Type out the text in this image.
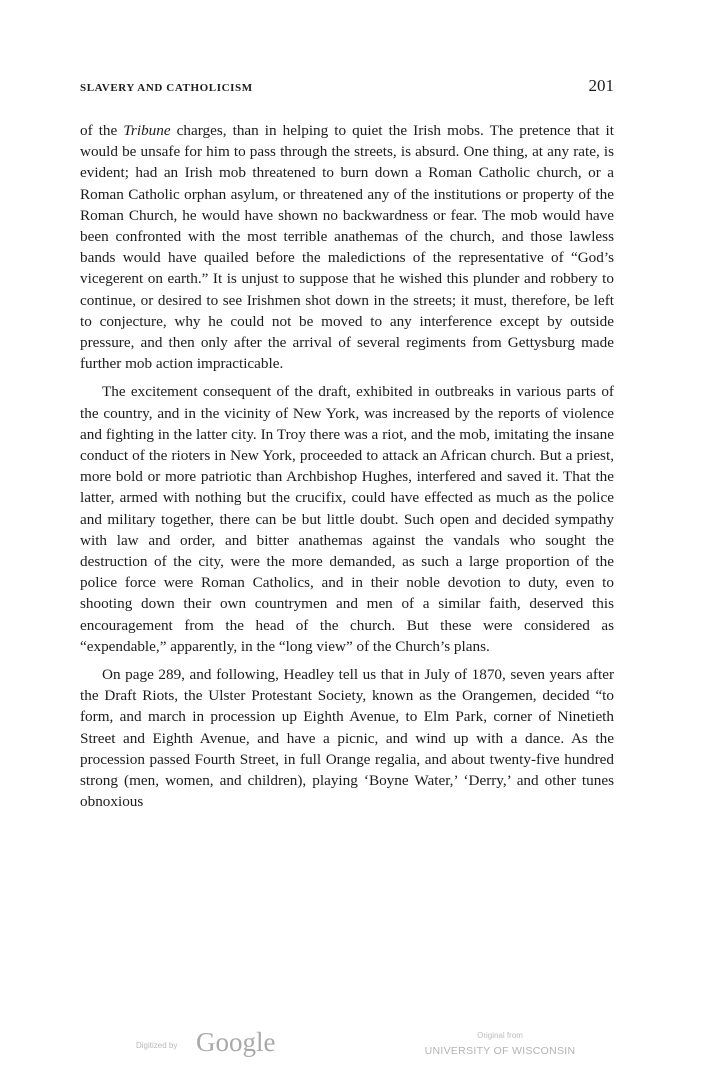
SLAVERY AND CATHOLICISM	201

of the Tribune charges, than in helping to quiet the Irish mobs. The pretence that it would be unsafe for him to pass through the streets, is absurd. One thing, at any rate, is evident; had an Irish mob threatened to burn down a Roman Catholic church, or a Roman Catholic orphan asylum, or threatened any of the institutions or property of the Roman Church, he would have shown no backwardness or fear. The mob would have been confronted with the most terrible anathemas of the church, and those lawless bands would have quailed before the maledictions of the representative of “God’s vicegerent on earth.” It is unjust to suppose that he wished this plunder and robbery to continue, or desired to see Irishmen shot down in the streets; it must, therefore, be left to conjecture, why he could not be moved to any interference except by outside pressure, and then only after the arrival of several regiments from Gettysburg made further mob action impracticable.

The excitement consequent of the draft, exhibited in outbreaks in various parts of the country, and in the vicinity of New York, was increased by the reports of violence and fighting in the latter city. In Troy there was a riot, and the mob, imitating the insane conduct of the rioters in New York, proceeded to attack an African church. But a priest, more bold or more patriotic than Archbishop Hughes, interfered and saved it. That the latter, armed with nothing but the crucifix, could have effected as much as the police and military together, there can be but little doubt. Such open and decided sympathy with law and order, and bitter anathemas against the vandals who sought the destruction of the city, were the more demanded, as such a large proportion of the police force were Roman Catholics, and in their noble devotion to duty, even to shooting down their own countrymen and men of a similar faith, deserved this encouragement from the head of the church. But these were considered as “expendable,” apparently, in the “long view” of the Church’s plans.

On page 289, and following, Headley tell us that in July of 1870, seven years after the Draft Riots, the Ulster Protestant Society, known as the Orangemen, decided “to form, and march in procession up Eighth Avenue, to Elm Park, corner of Ninetieth Street and Eighth Avenue, and have a picnic, and wind up with a dance. As the procession passed Fourth Street, in full Orange regalia, and about twenty-five hundred strong (men, women, and children), playing ‘Boyne Water,’ ‘Derry,’ and other tunes obnoxious

Digitized by Google	Original from
UNIVERSITY OF WISCONSIN
